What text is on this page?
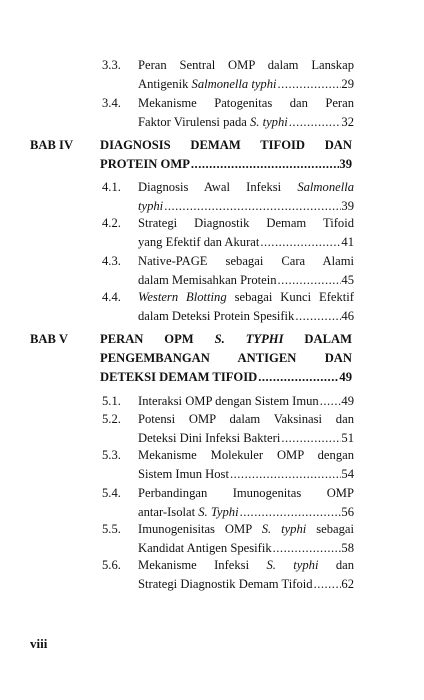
3.3.	Peran Sentral OMP dalam Lanskap
Antigenik Salmonella typhi .....	29
3.4.	Mekanisme Patogenitas dan Peran
Faktor Virulensi pada S. typhi .....	32
BAB IV	DIAGNOSIS DEMAM TIFOID DAN
PROTEIN OMP .....	39
4.1.	Diagnosis Awal Infeksi Salmonella
typhi .....	39
4.2.	Strategi Diagnostik Demam Tifoid
yang Efektif dan Akurat .....	41
4.3.	Native-PAGE sebagai Cara Alami
dalam Memisahkan Protein .....	45
4.4.	Western Blotting sebagai Kunci Efektif
dalam Deteksi Protein Spesifik .....	46
BAB V	PERAN OPM S. TYPHI DALAM
PENGEMBANGAN ANTIGEN DAN
DETEKSI DEMAM TIFOID .....	49
5.1.	Interaksi OMP dengan Sistem Imun ..... 49
5.2.	Potensi OMP dalam Vaksinasi dan
Deteksi Dini Infeksi Bakteri .....	51
5.3.	Mekanisme Molekuler OMP dengan
Sistem Imun Host .....	54
5.4.	Perbandingan Imunogenitas OMP
antar-Isolat S. Typhi .....	56
5.5.	Imunogenisitas OMP S. typhi sebagai
Kandidat Antigen Spesifik .....	58
5.6.	Mekanisme Infeksi S. typhi dan
Strategi Diagnostik Demam Tifoid ..... 62
viii
